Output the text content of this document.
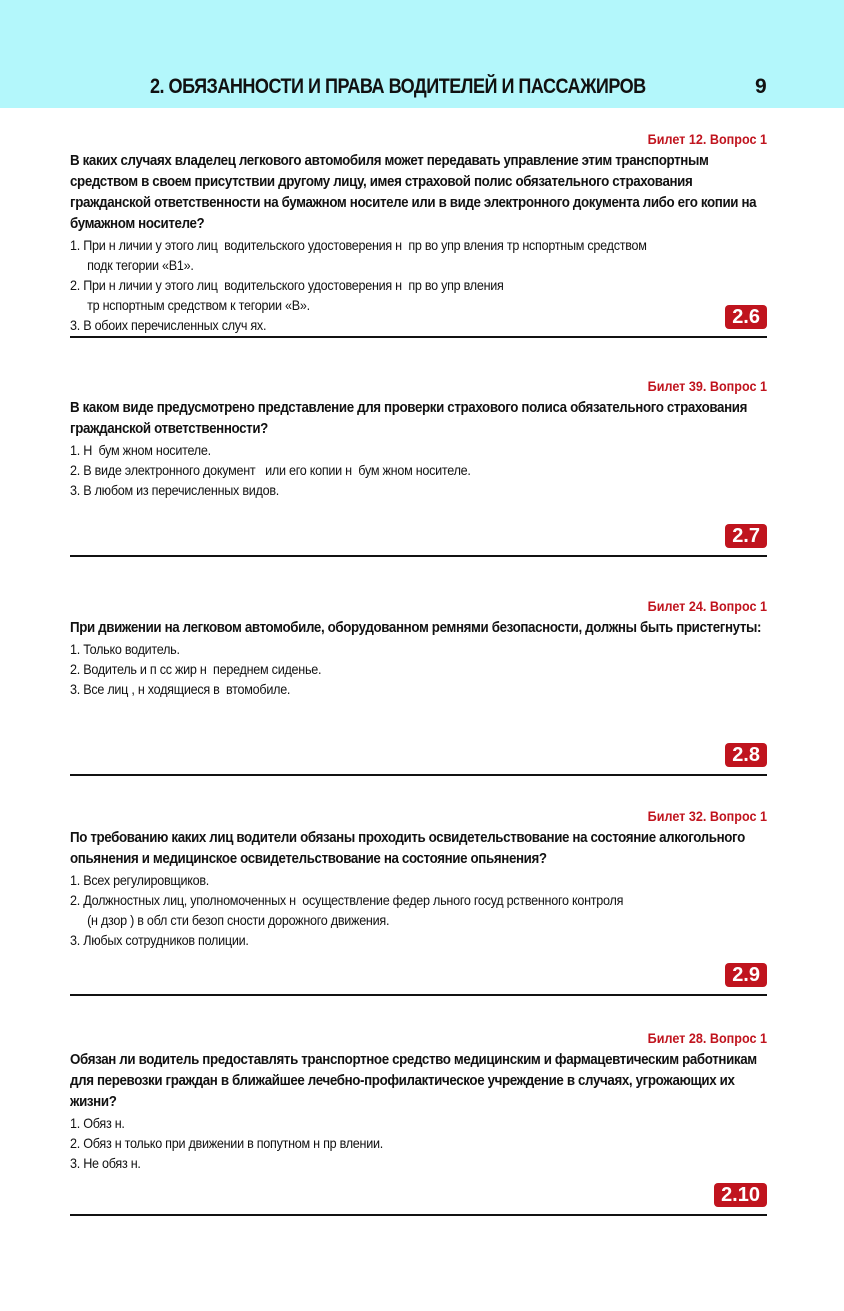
2. ОБЯЗАННОСТИ И ПРАВА ВОДИТЕЛЕЙ И ПАССАЖИРОВ	9
Билет 12. Вопрос 1
В каких случаях владелец легкового автомобиля может передавать управление этим транспортным средством в своем присутствии другому лицу, имея страховой полис обязательного страхования гражданской ответственности на бумажном носителе или в виде электронного документа либо его копии на бумажном носителе?
1. При н личии у этого лиц  водительского удостоверения н  пр во упр вления тр нспортным средством

подк тегории «В1».
2. При н личии у этого лиц  водительского удостоверения н  пр во упр вления

тр нспортным средством к тегории «В».
3. В обоих перечисленных случ ях.	2.6
Билет 39. Вопрос 1
В каком виде предусмотрено представление для проверки страхового полиса обязательного страхования гражданской ответственности?
1. Н  бум жном носителе.
2. В виде электронного документ   или его копии н  бум жном носителе.
3. В любом из перечисленных видов.
2.7
Билет 24. Вопрос 1
При движении на легковом автомобиле, оборудованном ремнями безопасности, должны быть пристегнуты:
1. Только водитель.
2. Водитель и п сс жир н  переднем сиденье.
3. Все лиц , н ходящиеся в  втомобиле.
2.8
Билет 32. Вопрос 1
По требованию каких лиц водители обязаны проходить освидетельствование на состояние алкогольного опьянения и медицинское освидетельствование на состояние опьянения?
1. Всех регулировщиков.
2. Должностных лиц, уполномоченных н  осуществление федер льного госуд рственного контроля

(н дзор ) в обл сти безоп сности дорожного движения.
3. Любых сотрудников полиции.
2.9
Билет 28. Вопрос 1
Обязан ли водитель предоставлять транспортное средство медицинским и фармацевтическим работникам для перевозки граждан в ближайшее лечебно-профилактическое учреждение в случаях, угрожающих их жизни?
1. Обяз н.
2. Обяз н только при движении в попутном н пр влении.
3. Не обяз н.
2.10
